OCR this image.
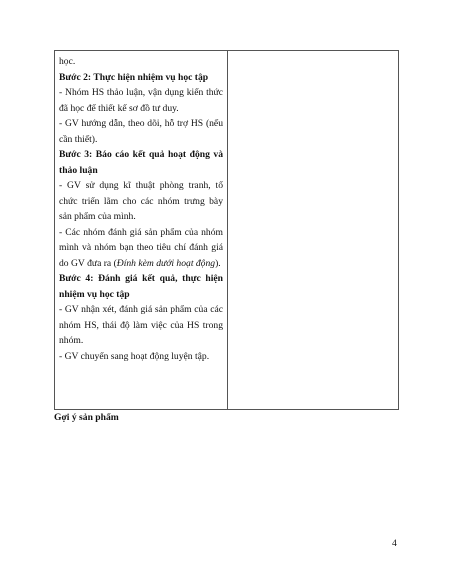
học.

Bước 2: Thực hiện nhiệm vụ học tập

- Nhóm HS thảo luận, vận dụng kiến thức đã học để thiết kế sơ đồ tư duy.

- GV hướng dẫn, theo dõi, hỗ trợ HS (nếu cần thiết).

Bước 3: Báo cáo kết quả hoạt động và thảo luận

- GV sử dụng kĩ thuật phòng tranh, tổ chức triển lãm cho các nhóm trưng bày sản phẩm của mình.

- Các nhóm đánh giá sản phẩm của nhóm mình và nhóm bạn theo tiêu chí đánh giá do GV đưa ra (Đính kèm dưới hoạt động).

Bước 4: Đánh giá kết quả, thực hiện nhiệm vụ học tập

- GV nhận xét, đánh giá sản phẩm của các nhóm HS, thái độ làm việc của HS trong nhóm.

- GV chuyển sang hoạt động luyện tập.

Gợi ý sản phẩm

4
